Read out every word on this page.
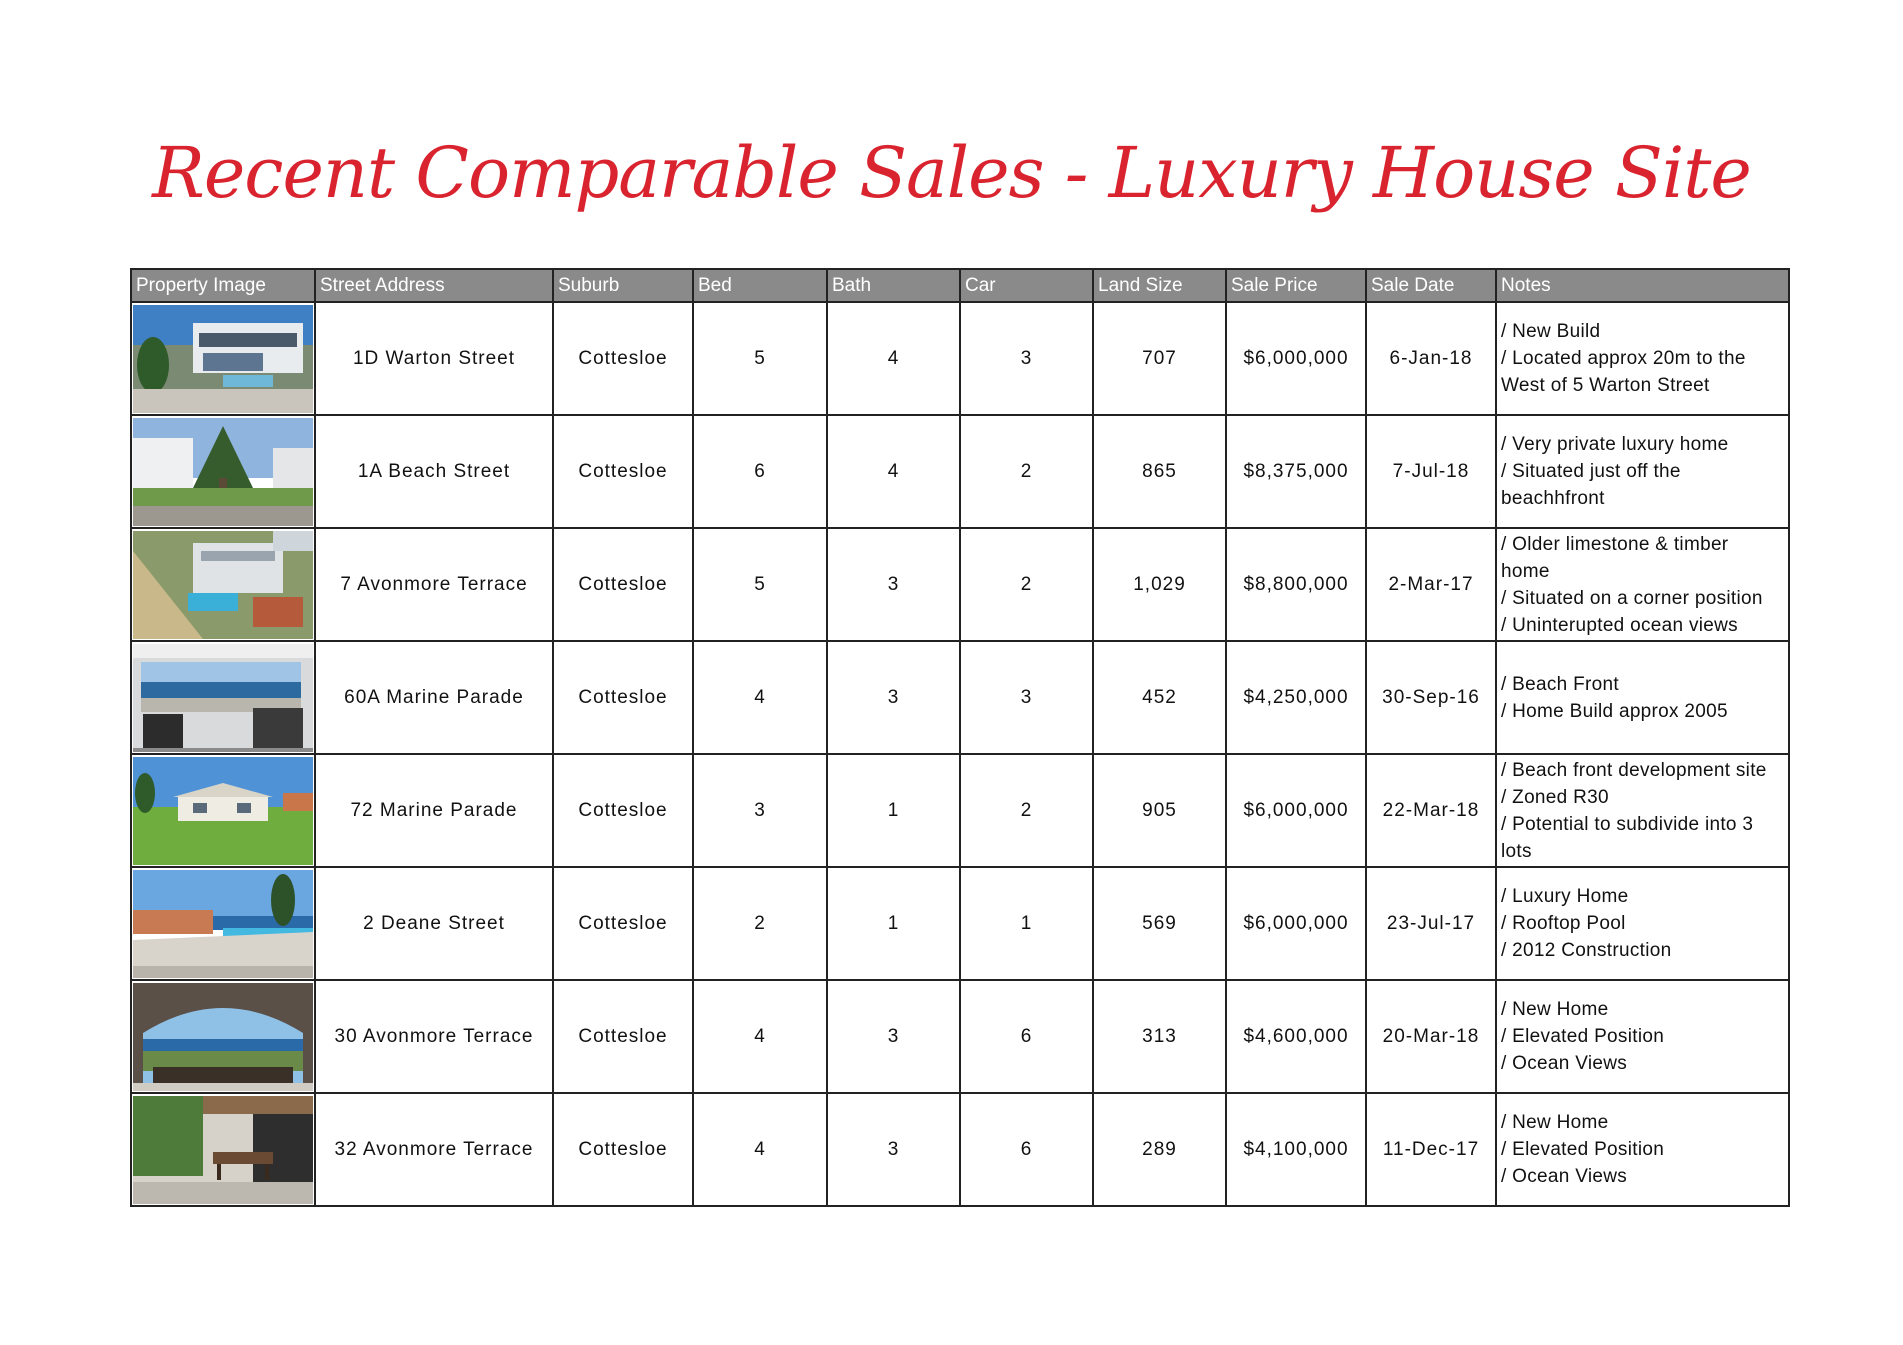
Recent Comparable Sales - Luxury House Site
Property Image	Street Address	Suburb	Bed	Bath	Car	Land Size	Sale Price	Sale Date	Notes

	1D Warton Street	Cottesloe	5	4	3	707	$6,000,000	6-Jan-18	/ New Build
/ Located approx 20m to the
West of 5 Warton Street

	1A Beach Street	Cottesloe	6	4	2	865	$8,375,000	7-Jul-18	/ Very private luxury home
/ Situated just off the
beachhfront

	7 Avonmore Terrace	Cottesloe	5	3	2	1,029	$8,800,000	2-Mar-17	/ Older limestone & timber
home
/ Situated on a corner position
/ Uninterupted ocean views

	60A Marine Parade	Cottesloe	4	3	3	452	$4,250,000	30-Sep-16	/ Beach Front
/ Home Build approx 2005

	72 Marine Parade	Cottesloe	3	1	2	905	$6,000,000	22-Mar-18	/ Beach front development site
/ Zoned R30
/ Potential to subdivide into 3
lots

	2 Deane Street	Cottesloe	2	1	1	569	$6,000,000	23-Jul-17	/ Luxury Home
/ Rooftop Pool
/ 2012 Construction

	30 Avonmore Terrace	Cottesloe	4	3	6	313	$4,600,000	20-Mar-18	/ New Home
/ Elevated Position
/ Ocean Views

	32 Avonmore Terrace	Cottesloe	4	3	6	289	$4,100,000	11-Dec-17	/ New Home
/ Elevated Position
/ Ocean Views
